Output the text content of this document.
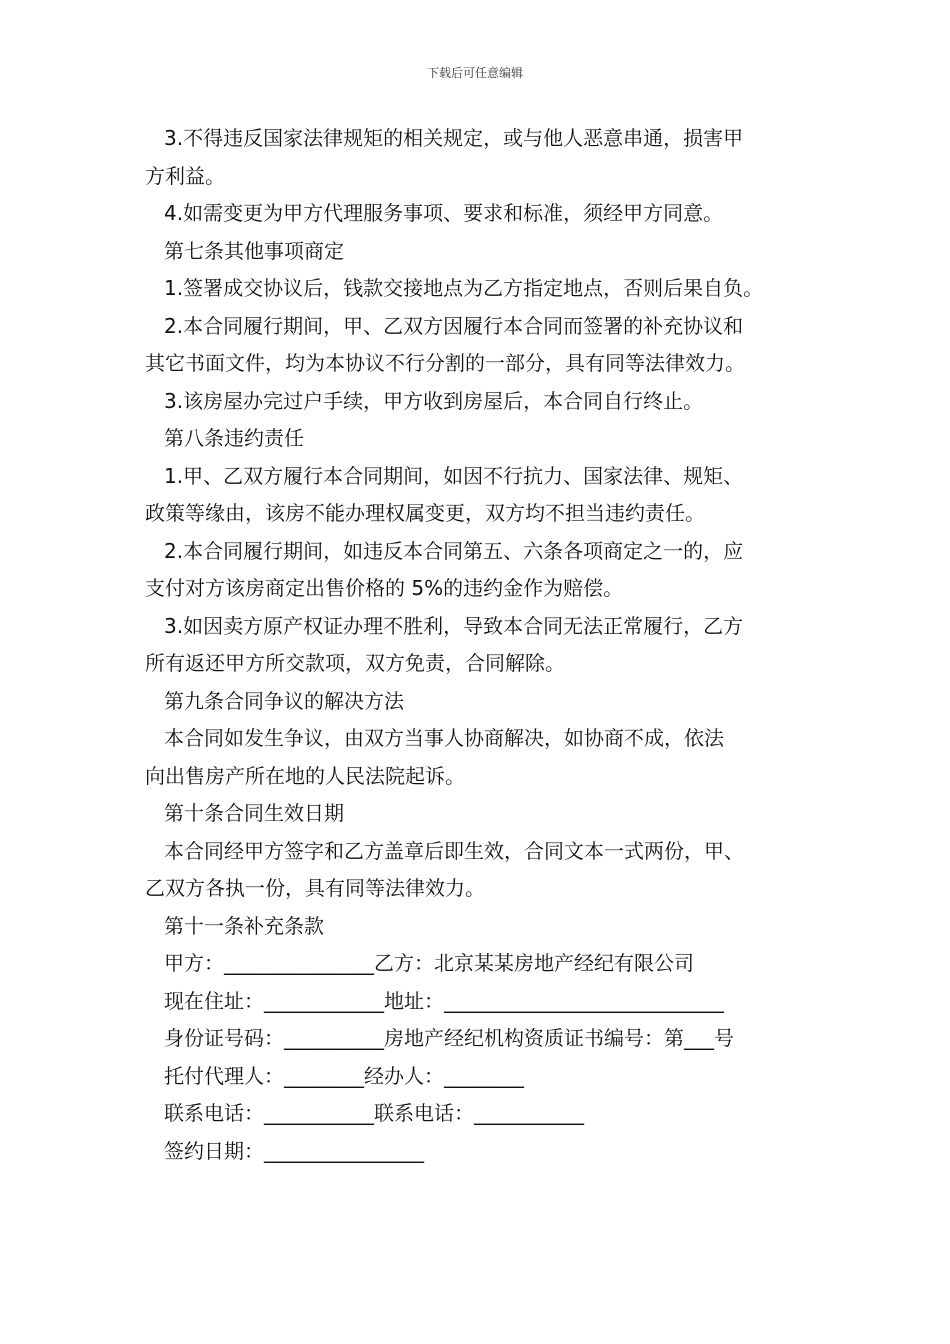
下载后可任意编辑
3.不得违反国家法律规矩的相关规定，或与他人恶意串通，损害甲
方利益。
4.如需变更为甲方代理服务事项、要求和标准，须经甲方同意。
第七条其他事项商定
1.签署成交协议后，钱款交接地点为乙方指定地点，否则后果自负。
2.本合同履行期间，甲、乙双方因履行本合同而签署的补充协议和
其它书面文件，均为本协议不行分割的一部分，具有同等法律效力。
3.该房屋办完过户手续，甲方收到房屋后，本合同自行终止。
第八条违约责任
1.甲、乙双方履行本合同期间，如因不行抗力、国家法律、规矩、
政策等缘由，该房不能办理权属变更，双方均不担当违约责任。
2.本合同履行期间，如违反本合同第五、六条各项商定之一的，应
支付对方该房商定出售价格的 5%的违约金作为赔偿。
3.如因卖方原产权证办理不胜利，导致本合同无法正常履行，乙方
所有返还甲方所交款项，双方免责，合同解除。
第九条合同争议的解决方法
本合同如发生争议，由双方当事人协商解决，如协商不成，依法
向出售房产所在地的人民法院起诉。
第十条合同生效日期
本合同经甲方签字和乙方盖章后即生效，合同文本一式两份，甲、
乙双方各执一份，具有同等法律效力。
第十一条补充条款
甲方：_______________乙方：北京某某房地产经纪有限公司
现在住址：____________地址：____________________________
身份证号码：__________房地产经纪机构资质证书编号：第___号
托付代理人：________经办人：________
联系电话：___________联系电话：___________
签约日期：________________
